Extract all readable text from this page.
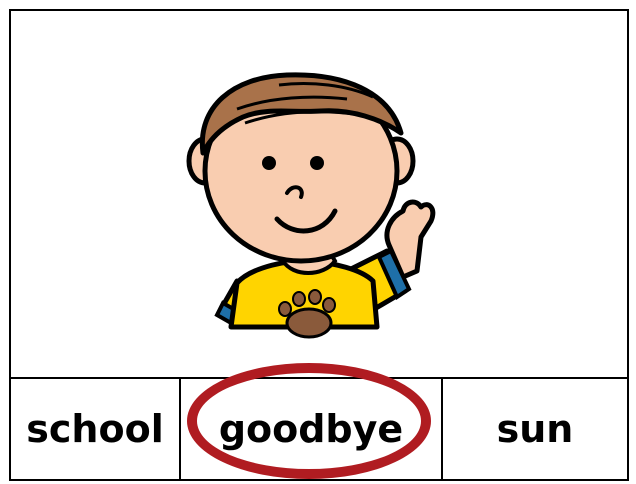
school goodbye sun
